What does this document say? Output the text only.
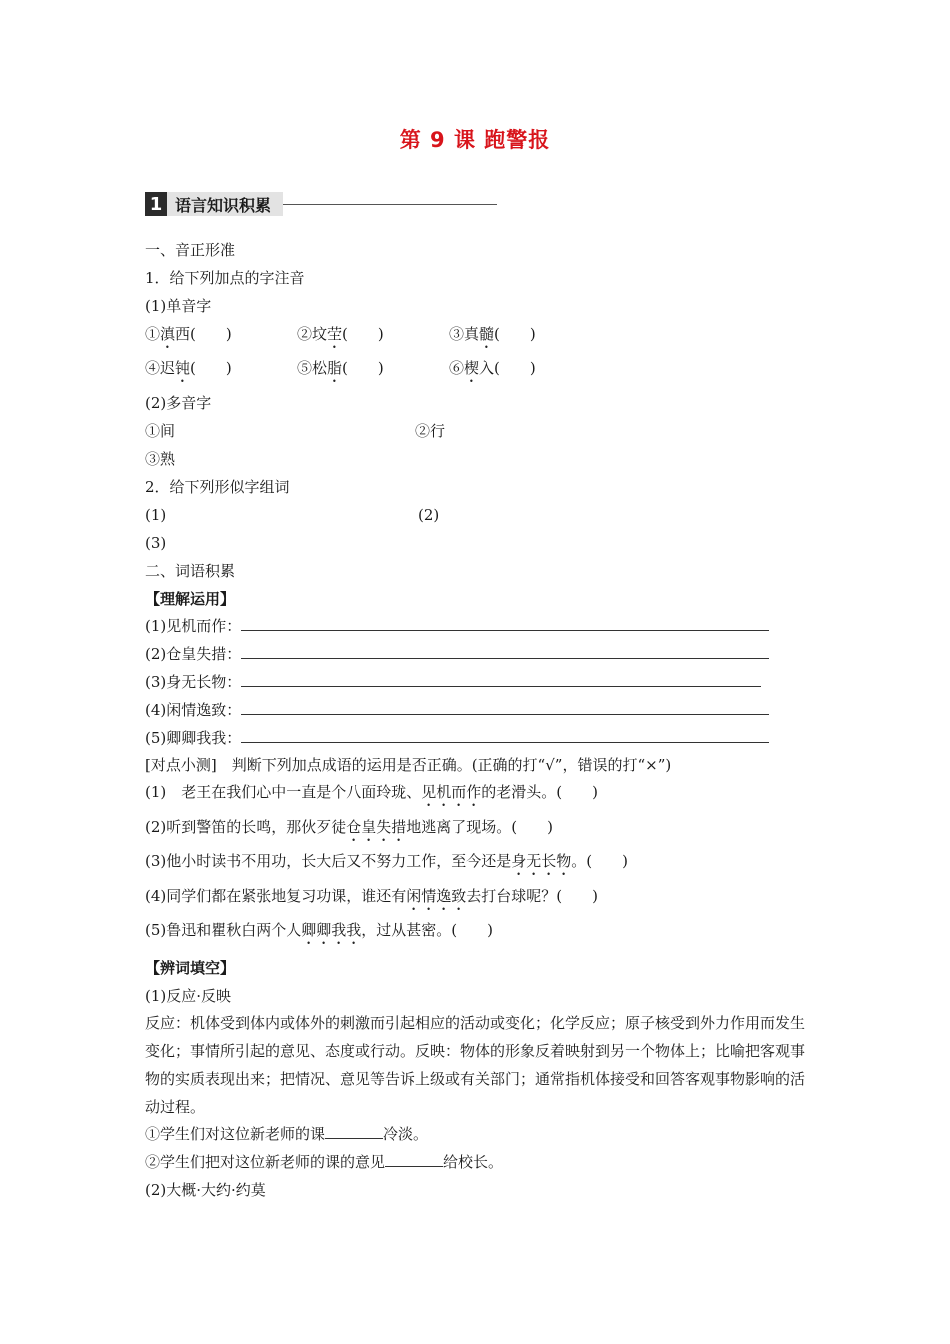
第 9 课 跑警报
1 语言知识积累
一、音正形准
1．给下列加点的字注音
(1)单音字
①滇西(　　)	②坟茔(　　)	③真髓(　　)
④迟钝(　　)	⑤松脂(　　)	⑥楔入(　　)
(2)多音字
①间	②行
③熟
2．给下列形似字组词
(1)	(2)
(3)
二、词语积累
【理解运用】
(1)见机而作：
(2)仓皇失措：
(3)身无长物：
(4)闲情逸致：
(5)卿卿我我：
[对点小测]　判断下列加点成语的运用是否正确。(正确的打“√”，错误的打“×”)
(1)　老王在我们心中一直是个八面玲珑、见机而作的老滑头。(　　)
(2)听到警笛的长鸣，那伙歹徒仓皇失措地逃离了现场。(　　)
(3)他小时读书不用功，长大后又不努力工作，至今还是身无长物。(　　)
(4)同学们都在紧张地复习功课，谁还有闲情逸致去打台球呢？(　　)
(5)鲁迅和瞿秋白两个人卿卿我我，过从甚密。(　　)
【辨词填空】
(1)反应·反映
反应：机体受到体内或体外的刺激而引起相应的活动或变化；化学反应；原子核受到外力作用而发生变化；事情所引起的意见、态度或行动。反映：物体的形象反着映射到另一个物体上；比喻把客观事物的实质表现出来；把情况、意见等告诉上级或有关部门；通常指机体接受和回答客观事物影响的活动过程。
①学生们对这位新老师的课	冷淡。
②学生们把对这位新老师的课的意见	给校长。
(2)大概·大约·约莫
